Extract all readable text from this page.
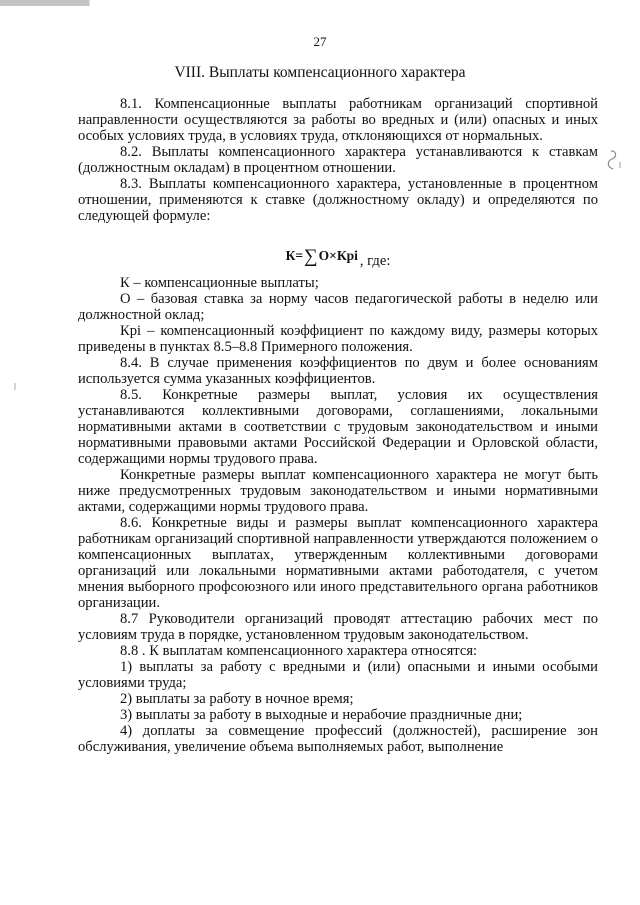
27
VIII. Выплаты компенсационного характера

8.1. Компенсационные выплаты работникам организаций спортивной направленности осуществляются за работы во вредных и (или) опасных и иных особых условиях труда, в условиях труда, отклоняющихся от нормальных.

8.2. Выплаты компенсационного характера устанавливаются к ставкам (должностным окладам) в процентном отношении.

8.3. Выплаты компенсационного характера, установленные в процентном отношении, применяются к ставке (должностному окладу) и определяются по следующей формуле:

К=∑О×Кpi , где:

К – компенсационные выплаты;

О – базовая ставка за норму часов педагогической работы в неделю или должностной оклад;

Кpi – компенсационный коэффициент по каждому виду, размеры которых приведены в пунктах 8.5–8.8 Примерного положения.

8.4. В случае применения коэффициентов по двум и более основаниям используется сумма указанных коэффициентов.

8.5. Конкретные размеры выплат, условия их осуществления устанавливаются коллективными договорами, соглашениями, локальными нормативными актами в соответствии с трудовым законодательством и иными нормативными правовыми актами Российской Федерации и Орловской области, содержащими нормы трудового права.

Конкретные размеры выплат компенсационного характера не могут быть ниже предусмотренных трудовым законодательством и иными нормативными актами, содержащими нормы трудового права.

8.6. Конкретные виды и размеры выплат компенсационного характера работникам организаций спортивной направленности утверждаются положением о компенсационных выплатах, утвержденным коллективными договорами организаций или локальными нормативными актами работодателя, с учетом мнения выборного профсоюзного или иного представительного органа работников организации.

8.7 Руководители организаций проводят аттестацию рабочих мест по условиям труда в порядке, установленном трудовым законодательством.

8.8 . К выплатам компенсационного характера относятся:

1) выплаты за работу с вредными и (или) опасными и иными особыми условиями труда;

2) выплаты за работу в ночное время;

3) выплаты за работу в выходные и нерабочие праздничные дни;

4) доплаты за совмещение профессий (должностей), расширение зон обслуживания, увеличение объема выполняемых работ, выполнение
